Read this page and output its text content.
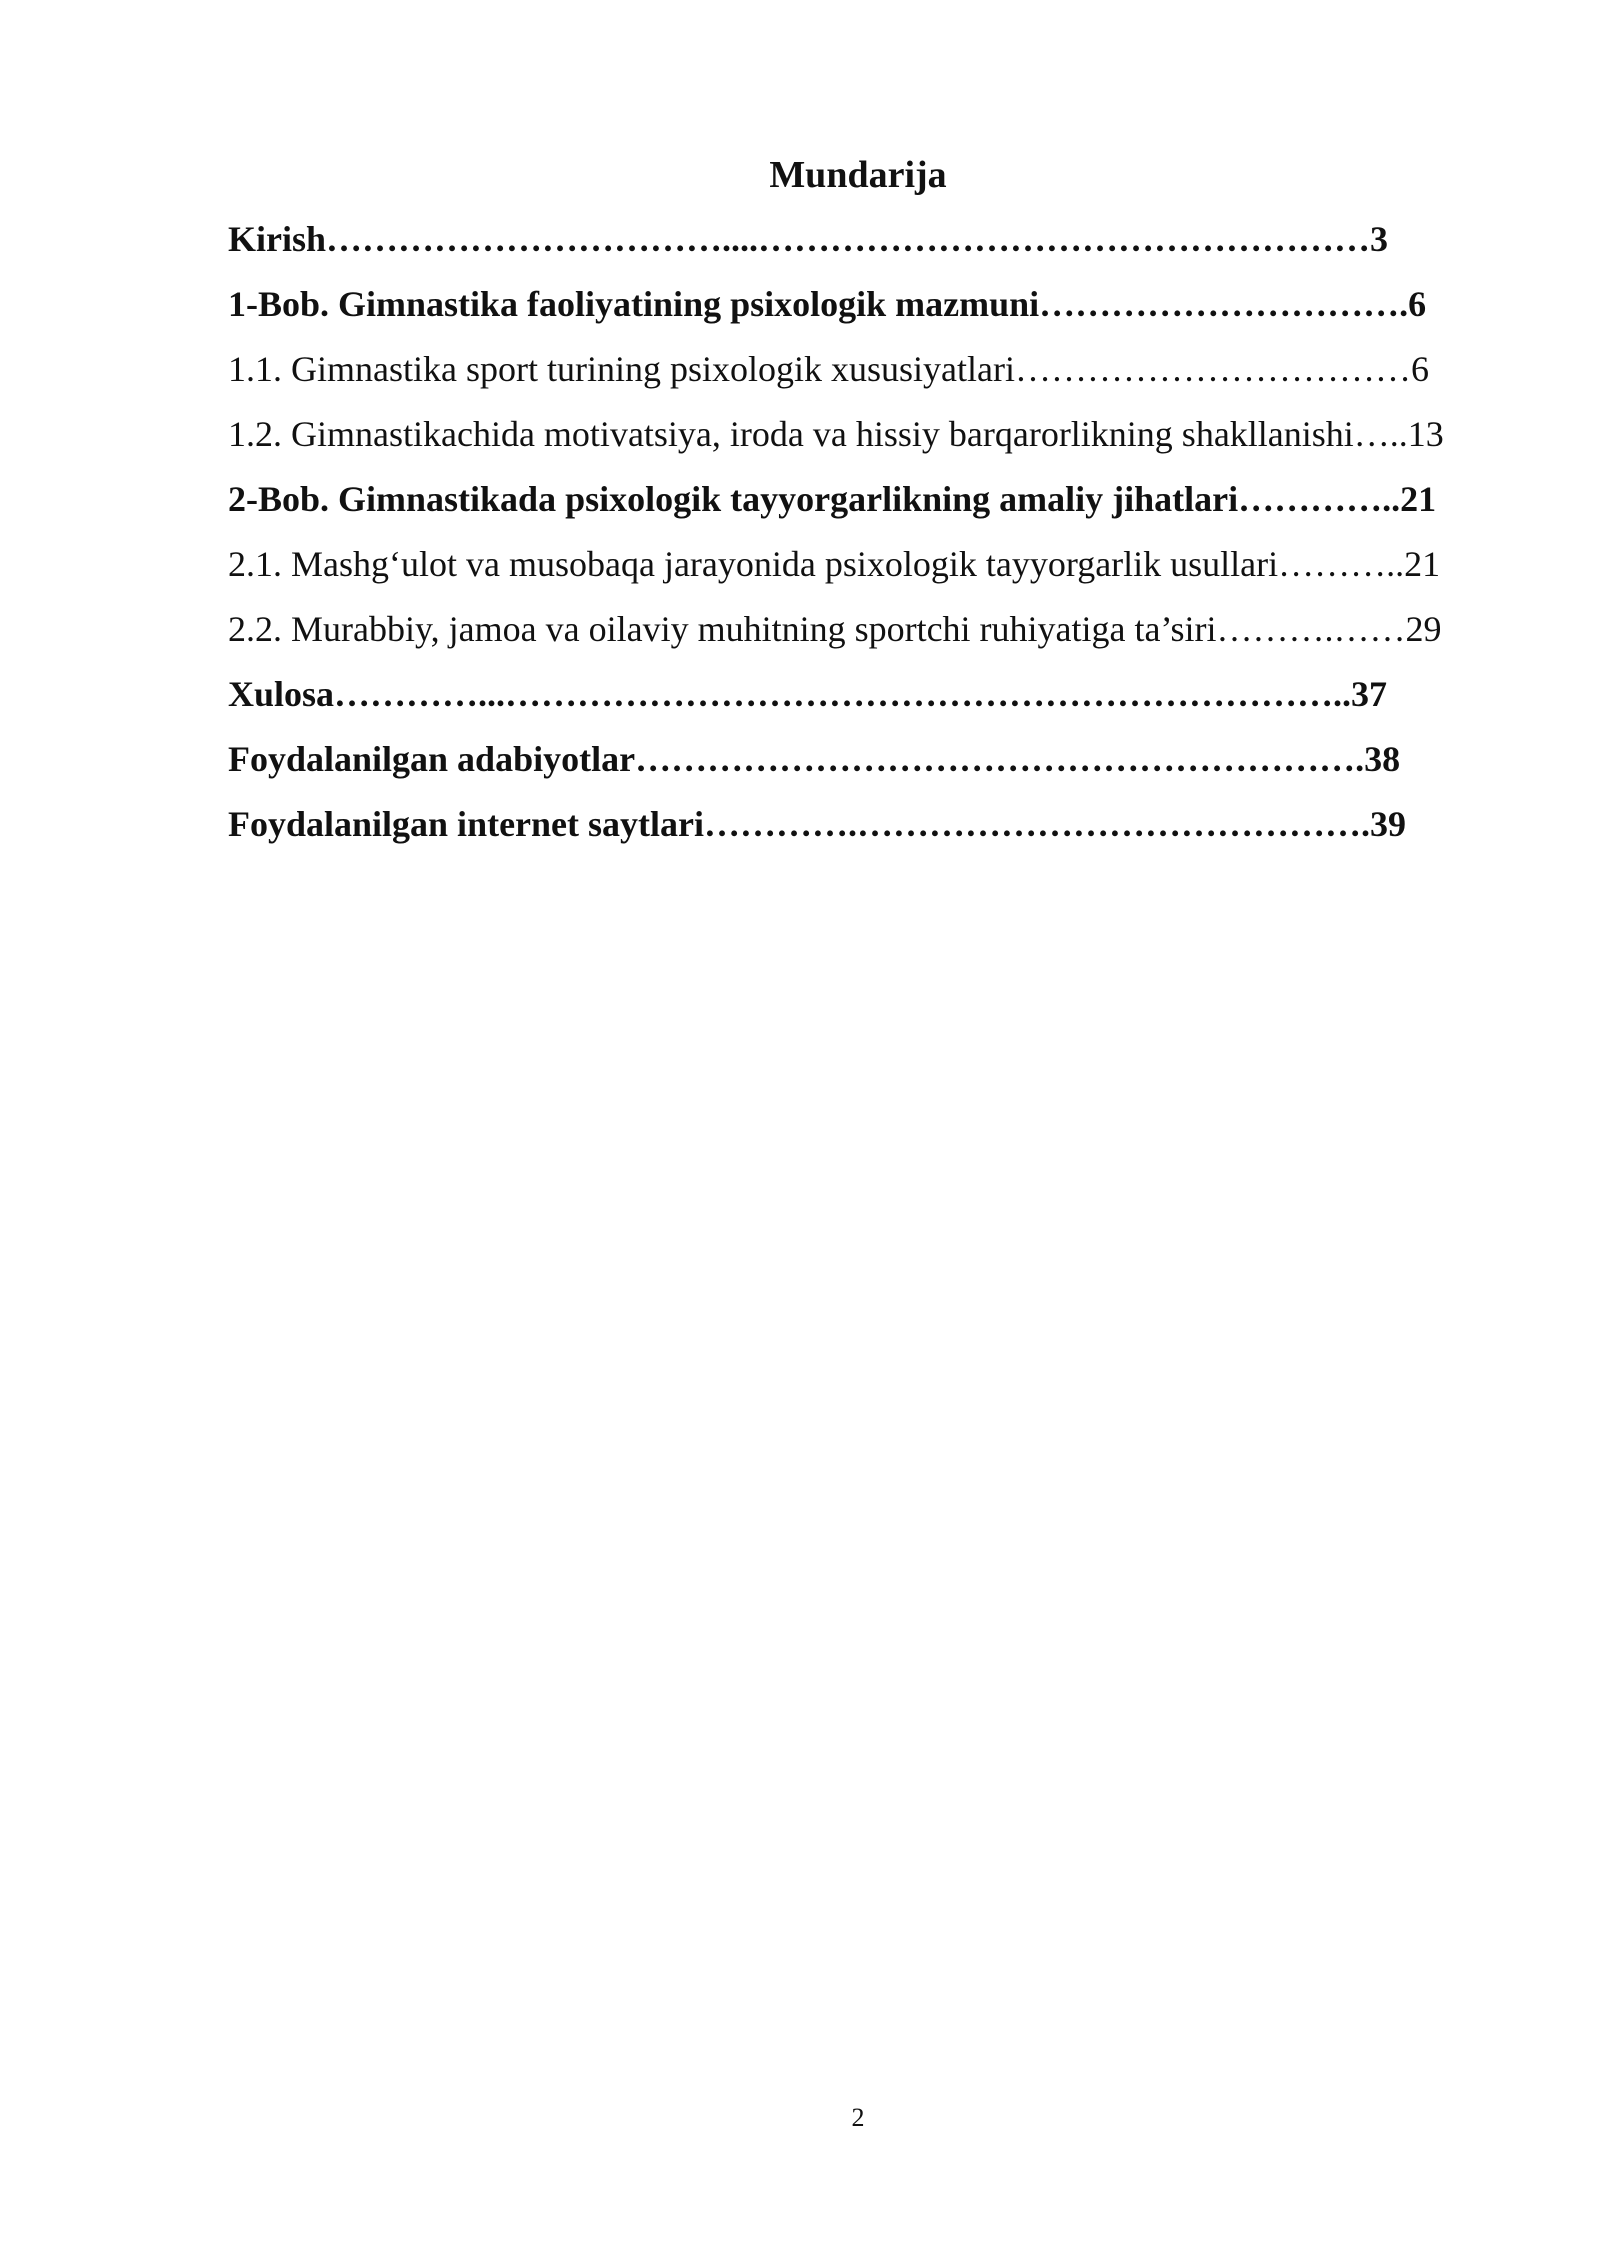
Mundarija
Kirish……………………………....……………………………………………3
1-Bob. Gimnastika faoliyatining psixologik mazmuni………………………….6
1.1. Gimnastika sport turining psixologik xususiyatlari……………………………6
1.2. Gimnastikachida motivatsiya, iroda va hissiy barqarorlikning shakllanishi…..13
2-Bob. Gimnastikada psixologik tayyorgarlikning amaliy jihatlari…………..21
2.1. Mashg‘ulot va musobaqa jarayonida psixologik tayyorgarlik usullari………..21
2.2. Murabbiy, jamoa va oilaviy muhitning sportchi ruhiyatiga ta’siri……….……29
Xulosa…………...……………………………………………………………..37
Foydalanilgan adabiyotlar…………………………………………………….38
Foydalanilgan internet saytlari………….…………………………………….39
2
